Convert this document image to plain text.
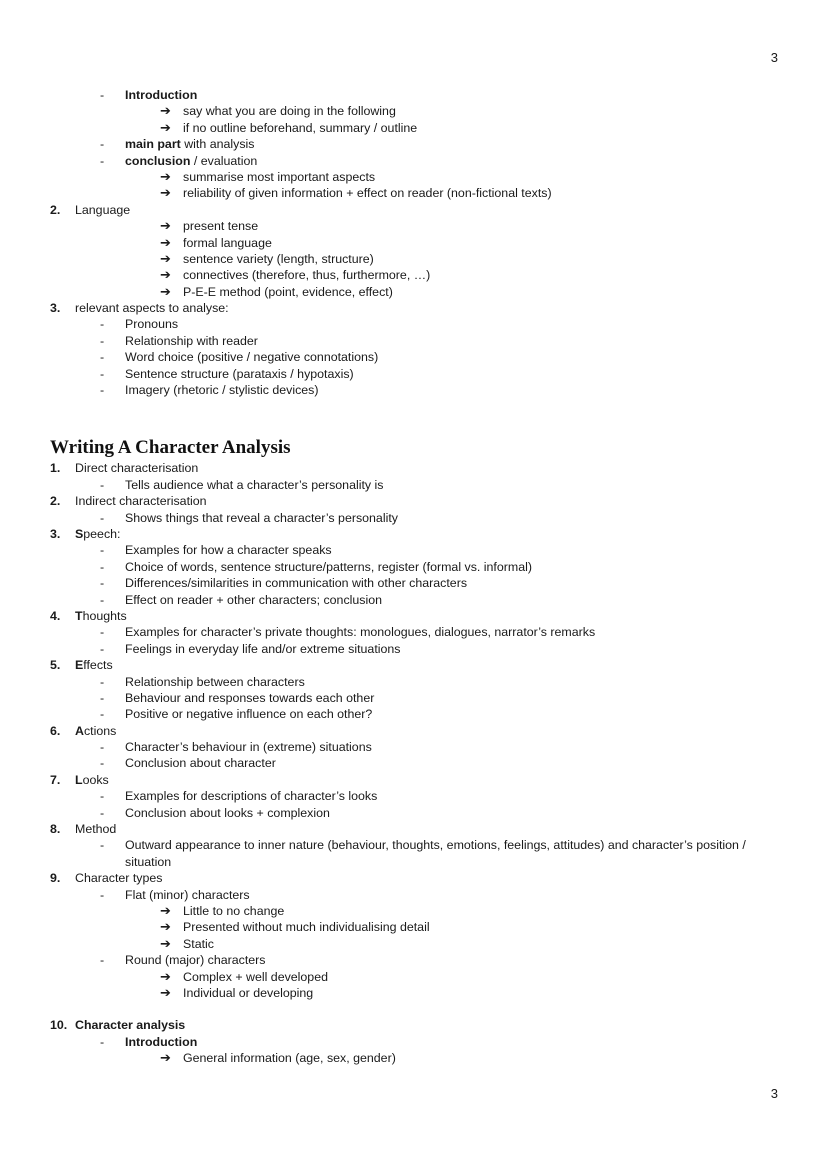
3
- Introduction
➔ say what you are doing in the following
➔ if no outline beforehand, summary / outline
- main part with analysis
- conclusion / evaluation
➔ summarise most important aspects
➔ reliability of given information + effect on reader (non-fictional texts)
2. Language
➔ present tense
➔ formal language
➔ sentence variety (length, structure)
➔ connectives (therefore, thus, furthermore, …)
➔ P-E-E method (point, evidence, effect)
3. relevant aspects to analyse:
- Pronouns
- Relationship with reader
- Word choice (positive / negative connotations)
- Sentence structure (parataxis / hypotaxis)
- Imagery (rhetoric / stylistic devices)
Writing A Character Analysis
1. Direct characterisation
- Tells audience what a character’s personality is
2. Indirect characterisation
- Shows things that reveal a character’s personality
3. Speech:
- Examples for how a character speaks
- Choice of words, sentence structure/patterns, register (formal vs. informal)
- Differences/similarities in communication with other characters
- Effect on reader + other characters; conclusion
4. Thoughts
- Examples for character’s private thoughts: monologues, dialogues, narrator’s remarks
- Feelings in everyday life and/or extreme situations
5. Effects
- Relationship between characters
- Behaviour and responses towards each other
- Positive or negative influence on each other?
6. Actions
- Character’s behaviour in (extreme) situations
- Conclusion about character
7. Looks
- Examples for descriptions of character’s looks
- Conclusion about looks + complexion
8. Method
- Outward appearance to inner nature (behaviour, thoughts, emotions, feelings, attitudes) and character’s position / situation
9. Character types
- Flat (minor) characters
➔ Little to no change
➔ Presented without much individualising detail
➔ Static
- Round (major) characters
➔ Complex + well developed
➔ Individual or developing
10. Character analysis
- Introduction
➔ General information (age, sex, gender)
3
